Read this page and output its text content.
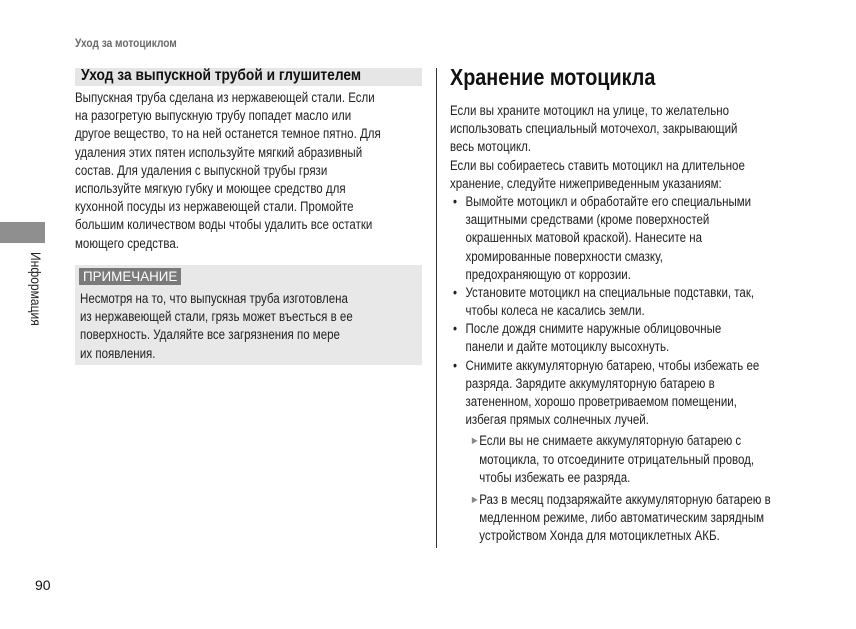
Уход за мотоциклом
Уход за выпускной трубой и глушителем
Выпускная труба сделана из нержавеющей стали. Если
на разогретую выпускную трубу попадет масло или
другое вещество, то на ней останется темное пятно. Для
удаления этих пятен используйте мягкий абразивный
состав. Для удаления с выпускной трубы грязи
используйте мягкую губку и моющее средство для
кухонной посуды из нержавеющей стали. Промойте
большим количеством воды чтобы удалить все остатки
моющего средства.
ПРИМЕЧАНИЕ
Несмотря на то, что выпускная труба изготовлена
из нержавеющей стали, грязь может въесться в ее
поверхность. Удаляйте все загрязнения по мере
их появления.
Хранение мотоцикла
Если вы храните мотоцикл на улице, то желательно
использовать специальный моточехол, закрывающий
весь мотоцикл.
Если вы собираетесь ставить мотоцикл на длительное
хранение, следуйте нижеприведенным указаниям:
• Вымойте мотоцикл и обработайте его специальными
защитными средствами (кроме поверхностей
окрашенных матовой краской). Нанесите на
хромированные поверхности смазку,
предохраняющую от коррозии.
• Установите мотоцикл на специальные подставки, так,
чтобы колеса не касались земли.
• После дождя снимите наружные облицовочные
панели и дайте мотоциклу высохнуть.
• Снимите аккумуляторную батарею, чтобы избежать ее
разряда. Зарядите аккумуляторную батарею в
затененном, хорошо проветриваемом помещении,
избегая прямых солнечных лучей.
► Если вы не снимаете аккумуляторную батарею с
мотоцикла, то отсоедините отрицательный провод,
чтобы избежать ее разряда.
► Раз в месяц подзаряжайте аккумуляторную батарею в
медленном режиме, либо автоматическим зарядным
устройством Хонда для мотоциклетных АКБ.
Информация
90
